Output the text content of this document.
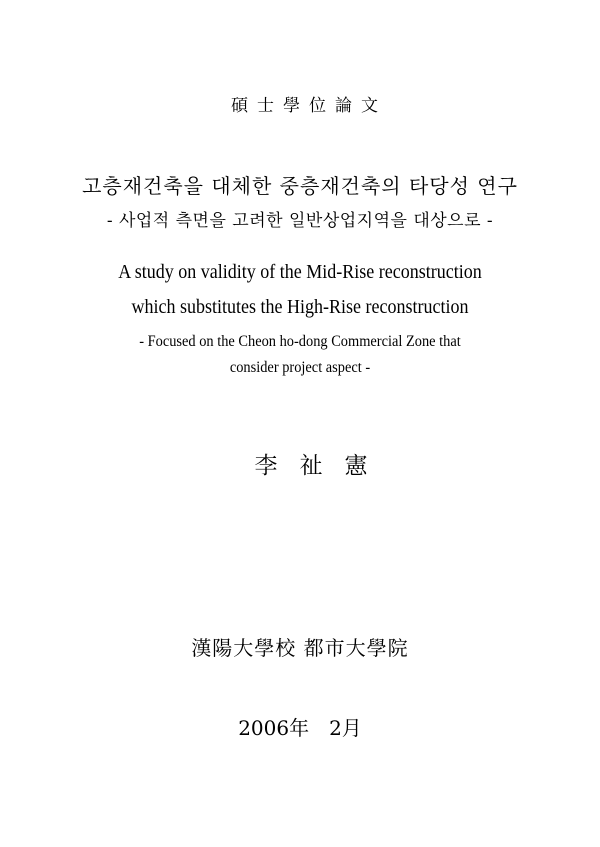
碩士學位論文
고층재건축을 대체한 중층재건축의 타당성 연구
- 사업적 측면을 고려한 일반상업지역을 대상으로 -
A study on validity of the Mid-Rise reconstruction
which substitutes the High-Rise reconstruction
- Focused on the Cheon ho-dong Commercial Zone that
consider project aspect -
李祉憲
漢陽大學校 都市大學院
2006年　2月
